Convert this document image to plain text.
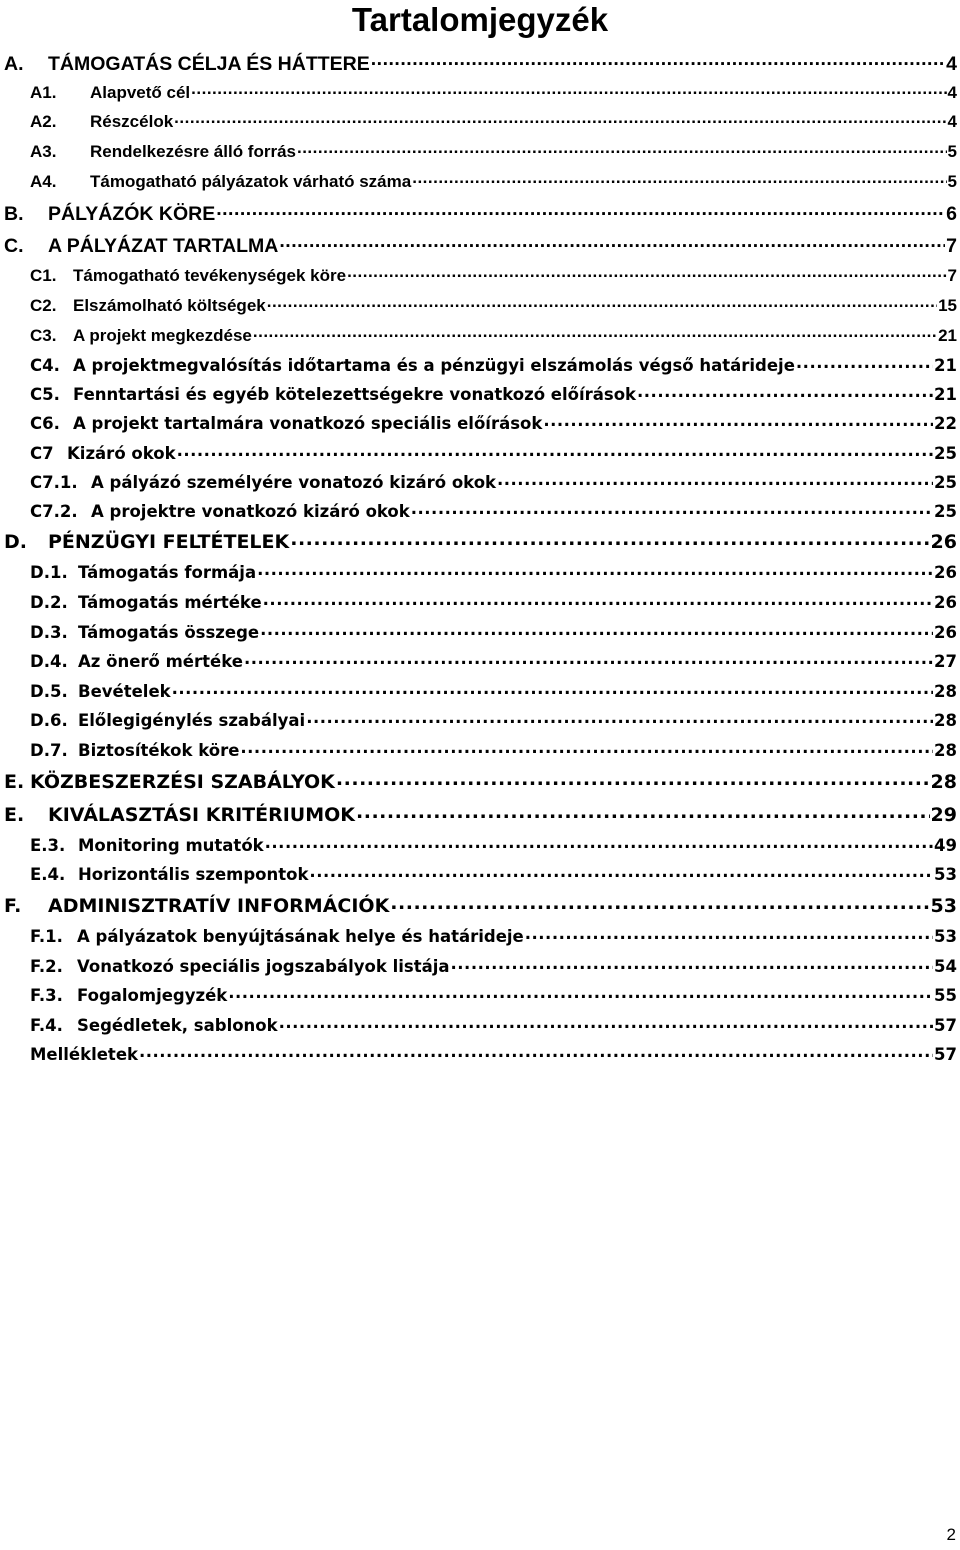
Tartalomjegyzék
A.	TÁMOGATÁS CÉLJA ÉS HÁTTERE .....	4
A1.	Alapvető cél .....	4
A2.	Részcélok .....	4
A3.	Rendelkezésre álló forrás .....	5
A4.	Támogatható pályázatok várható száma .....	5
B.	PÁLYÁZÓK KÖRE .....	6
C.	A PÁLYÁZAT TARTALMA .....	7
C1. Támogatható tevékenységek köre .....	7
C2. Elszámolható költségek .....	15
C3. A projekt megkezdése .....	21
C4. A projektmegvalósítás időtartama és a pénzügyi elszámolás végső határideje .....	21
C5. Fenntartási és egyéb kötelezettségekre vonatkozó előírások .....	21
C6. A projekt tartalmára vonatkozó speciális előírások .....	22
C7 Kizáró okok .....	25
C7.1. A pályázó személyére vonatozó kizáró okok .....	25
C7.2. A projektre vonatkozó kizáró okok .....	25
D.	PÉNZÜGYI FELTÉTELEK .....	26
D.1. Támogatás formája .....	26
D.2. Támogatás mértéke .....	26
D.3. Támogatás összege .....	26
D.4. Az önerő mértéke .....	27
D.5. Bevételek .....	28
D.6. Előlegigénylés szabályai .....	28
D.7. Biztosítékok köre .....	28
E. KÖZBESZERZÉSI SZABÁLYOK .....	28
E.	KIVÁLASZTÁSI KRITÉRIUMOK .....	29
E.3. Monitoring mutatók .....	49
E.4. Horizontális szempontok .....	53
F.	ADMINISZTRATÍV INFORMÁCIÓK .....	53
F.1. A pályázatok benyújtásának helye és határideje .....	53
F.2. Vonatkozó speciális jogszabályok listája .....	54
F.3. Fogalomjegyzék .....	55
F.4. Segédletek, sablonok .....	57
Mellékletek .....	57
2
